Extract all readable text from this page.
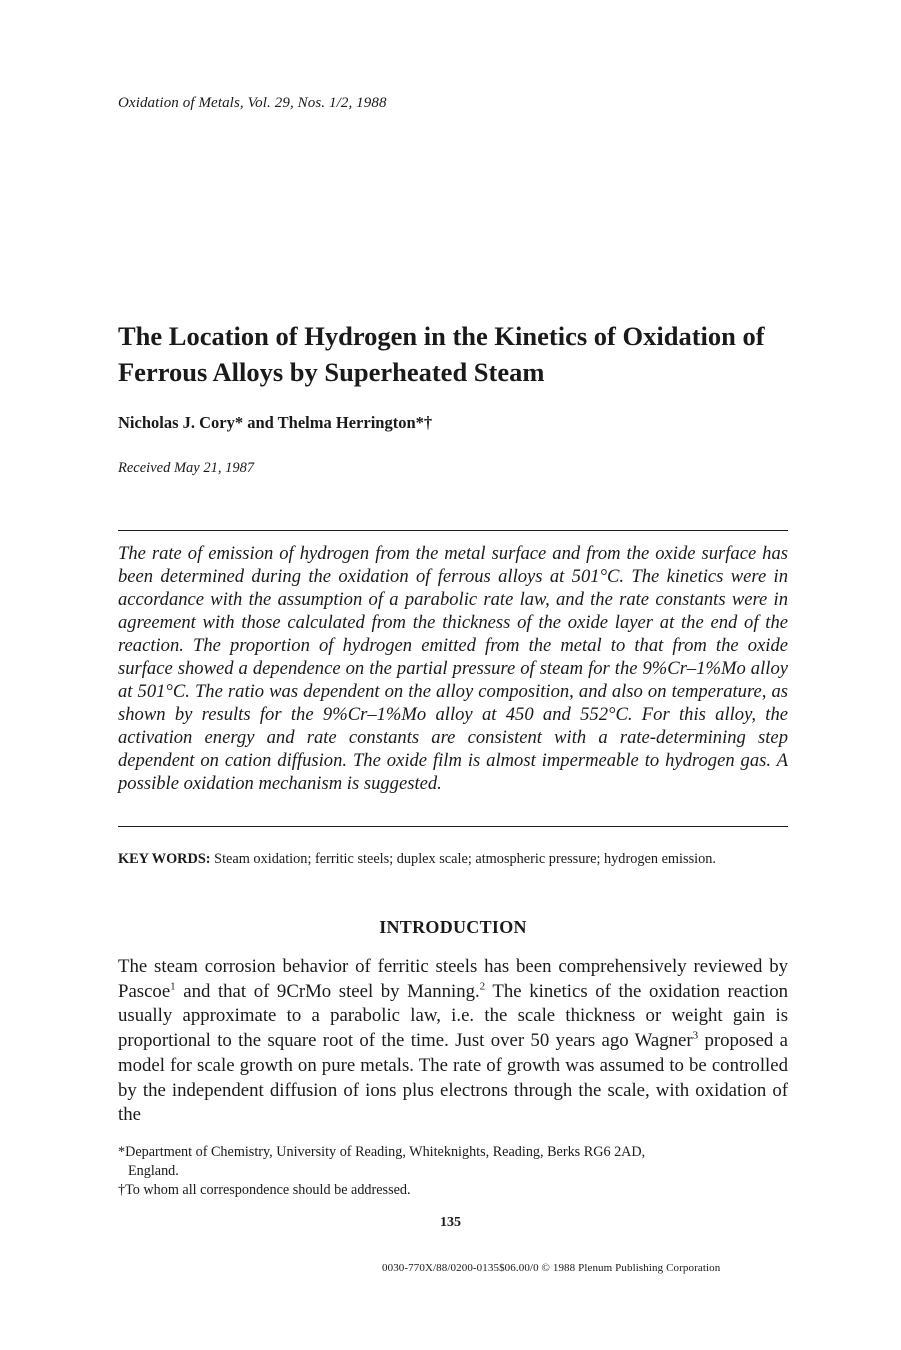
Oxidation of Metals, Vol. 29, Nos. 1/2, 1988
The Location of Hydrogen in the Kinetics of Oxidation of Ferrous Alloys by Superheated Steam
Nicholas J. Cory* and Thelma Herrington*†
Received May 21, 1987

The rate of emission of hydrogen from the metal surface and from the oxide surface has been determined during the oxidation of ferrous alloys at 501°C. The kinetics were in accordance with the assumption of a parabolic rate law, and the rate constants were in agreement with those calculated from the thickness of the oxide layer at the end of the reaction. The proportion of hydrogen emitted from the metal to that from the oxide surface showed a dependence on the partial pressure of steam for the 9%Cr–1%Mo alloy at 501°C. The ratio was dependent on the alloy composition, and also on temperature, as shown by results for the 9%Cr–1%Mo alloy at 450 and 552°C. For this alloy, the activation energy and rate constants are consistent with a rate-determining step dependent on cation diffusion. The oxide film is almost impermeable to hydrogen gas. A possible oxidation mechanism is suggested.

KEY WORDS: Steam oxidation; ferritic steels; duplex scale; atmospheric pressure; hydrogen emission.

INTRODUCTION

The steam corrosion behavior of ferritic steels has been comprehensively reviewed by Pascoe$^1$ and that of 9CrMo steel by Manning.$^2$ The kinetics of the oxidation reaction usually approximate to a parabolic law, i.e. the scale thickness or weight gain is proportional to the square root of the time. Just over 50 years ago Wagner$^3$ proposed a model for scale growth on pure metals. The rate of growth was assumed to be controlled by the independent diffusion of ions plus electrons through the scale, with oxidation of the

*Department of Chemistry, University of Reading, Whiteknights, Reading, Berks RG6 2AD,

England.

†To whom all correspondence should be addressed.

135
0030-770X/88/0200-0135$06.00/0 © 1988 Plenum Publishing Corporation
